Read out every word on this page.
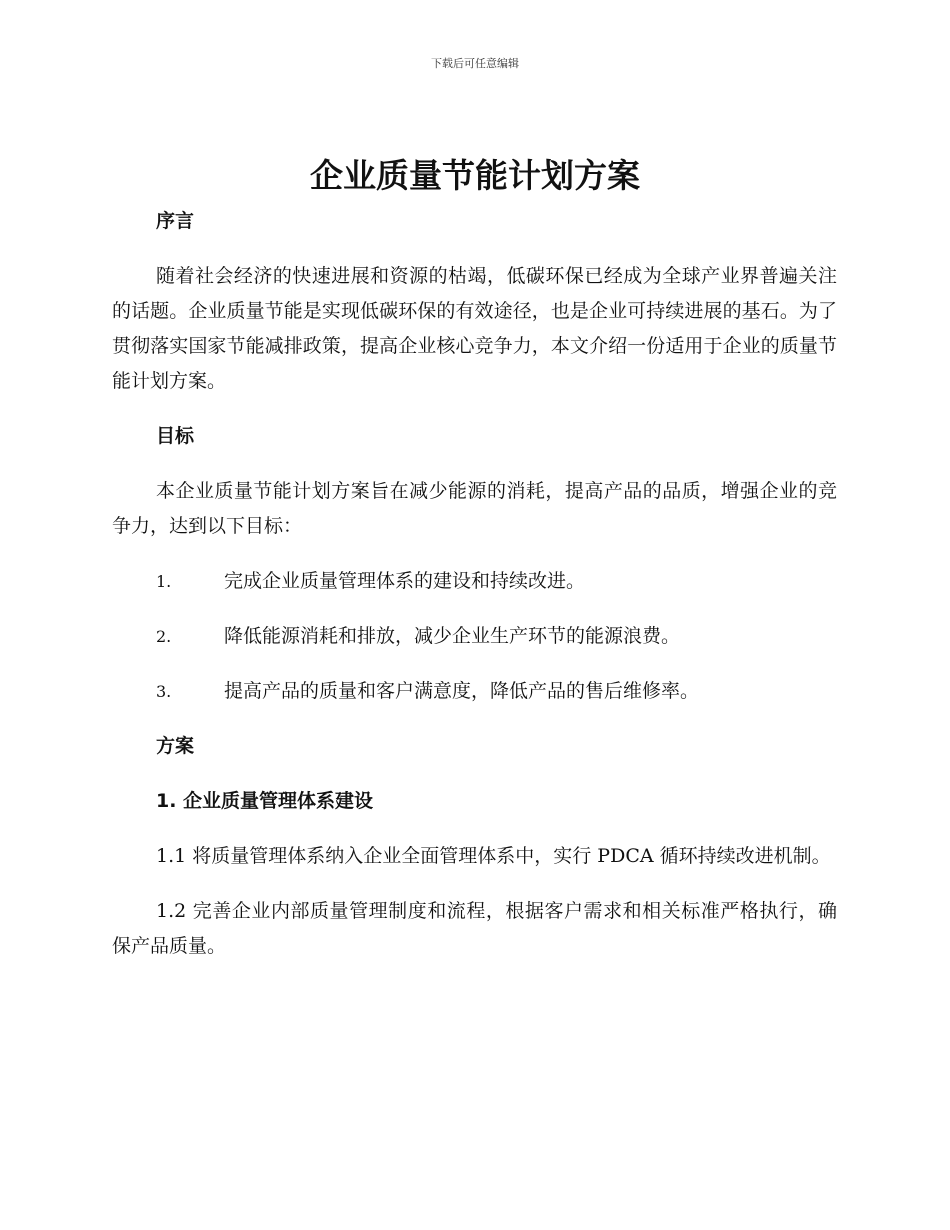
下载后可任意编辑
企业质量节能计划方案
序言

随着社会经济的快速进展和资源的枯竭，低碳环保已经成为全球产业界普遍关注的话题。企业质量节能是实现低碳环保的有效途径，也是企业可持续进展的基石。为了贯彻落实国家节能减排政策，提高企业核心竞争力，本文介绍一份适用于企业的质量节能计划方案。

目标

本企业质量节能计划方案旨在减少能源的消耗，提高产品的品质，增强企业的竞争力，达到以下目标：

1.	完成企业质量管理体系的建设和持续改进。
2.	降低能源消耗和排放，减少企业生产环节的能源浪费。
3.	提高产品的质量和客户满意度，降低产品的售后维修率。
方案
1. 企业质量管理体系建设

1.1 将质量管理体系纳入企业全面管理体系中，实行 PDCA 循环持续改进机制。

1.2 完善企业内部质量管理制度和流程，根据客户需求和相关标准严格执行，确保产品质量。
